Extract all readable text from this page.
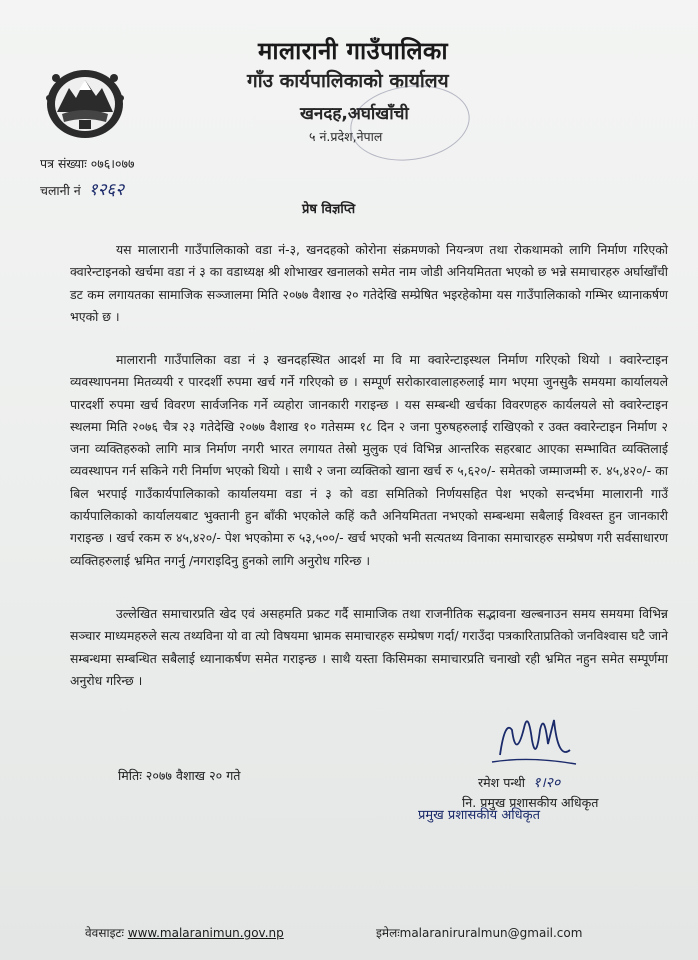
मालारानी गाउँपालिका
गाँउ कार्यपालिकाको कार्यालय
खनदह,अर्घाखाँची
५ नं.प्रदेश,नेपाल
पत्र संख्याः ०७६।०७७
चलानी नं १२६२
प्रेष विज्ञप्ति

यस मालारानी गाउँपालिकाको वडा नं-३, खनदहको कोरोना संक्रमणको नियन्त्रण तथा रोकथामको लागि निर्माण गरिएको क्वारेन्टाइनको खर्चमा वडा नं ३ का वडाध्यक्ष श्री शोभाखर खनालको समेत नाम जोडी अनियमितता भएको छ भन्ने समाचारहरु अर्घाखाँची डट कम लगायतका सामाजिक सञ्जालमा मिति २०७७ वैशाख २० गतेदेखि सम्प्रेषित भइरहेकोमा यस गाउँपालिकाको गम्भिर ध्यानाकर्षण भएको छ ।

मालारानी गाउँपालिका वडा नं ३ खनदहस्थित आदर्श मा वि मा क्वारेन्टाइस्थल निर्माण गरिएको थियो । क्वारेन्टाइन व्यवस्थापनमा मितव्ययी र पारदर्शी रुपमा खर्च गर्ने गरिएको छ । सम्पूर्ण सरोकारवालाहरुलाई माग भएमा जुनसुकै समयमा कार्यालयले पारदर्शी रुपमा खर्च विवरण सार्वजनिक गर्ने व्यहोरा जानकारी गराइन्छ । यस सम्बन्धी खर्चका विवरणहरु कार्यलयले सो क्वारेन्टाइन स्थलमा मिति २०७६ चैत्र २३ गतेदेखि २०७७ वैशाख १० गतेसम्म १८ दिन २ जना पुरुषहरुलाई राखिएको र उक्त क्वारेन्टाइन निर्माण २ जना व्यक्तिहरुको लागि मात्र निर्माण नगरी भारत लगायत तेस्रो मुलुक एवं विभिन्न आन्तरिक सहरबाट आएका सम्भावित व्यक्तिलाई व्यवस्थापन गर्न सकिने गरी निर्माण भएको थियो । साथै २ जना व्यक्तिको खाना खर्च रु ५,६२०/- समेतको जम्माजम्मी रु. ४५,४२०/- का बिल भरपाई गाउँकार्यपालिकाको कार्यालयमा वडा नं ३ को वडा समितिको निर्णयसहित पेश भएको सन्दर्भमा मालारानी गाउँ कार्यपालिकाको कार्यालयबाट भुक्तानी हुन बाँकी भएकोले कहिं कतै अनियमितता नभएको सम्बन्धमा सबैलाई विश्वस्त हुन जानकारी गराइन्छ । खर्च रकम रु ४५,४२०/- पेश भएकोमा रु ५३,५००/- खर्च भएको भनी सत्यतथ्य विनाका समाचारहरु सम्प्रेषण गरी सर्वसाधारण व्यक्तिहरुलाई भ्रमित नगर्नु /नगराइदिनु हुनको लागि अनुरोध गरिन्छ ।

उल्लेखित समाचारप्रति खेद एवं असहमति प्रकट गर्दै सामाजिक तथा राजनीतिक सद्भावना खल्बनाउन समय समयमा विभिन्न सञ्चार माध्यमहरुले सत्य तथ्यविना यो वा त्यो विषयमा भ्रामक समाचारहरु सम्प्रेषण गर्दा/ गराउँदा पत्रकारिताप्रतिको जनविश्वास घटै जाने सम्बन्धमा सम्बन्धित सबैलाई ध्यानाकर्षण समेत गराइन्छ । साथै यस्ता किसिमका समाचारप्रति चनाखो रही भ्रमित नहुन समेत सम्पूर्णमा अनुरोध गरिन्छ ।

मितिः २०७७ वैशाख २० गते	रमेश पन्थी १।२०
नि. प्रमुख प्रशासकीय अधिकृत
प्रमुख प्रशासकीय अधिकृत
वेवसाइटः www.malaranimun.gov.np	इमेलःmalaraniruralmun@gmail.com
